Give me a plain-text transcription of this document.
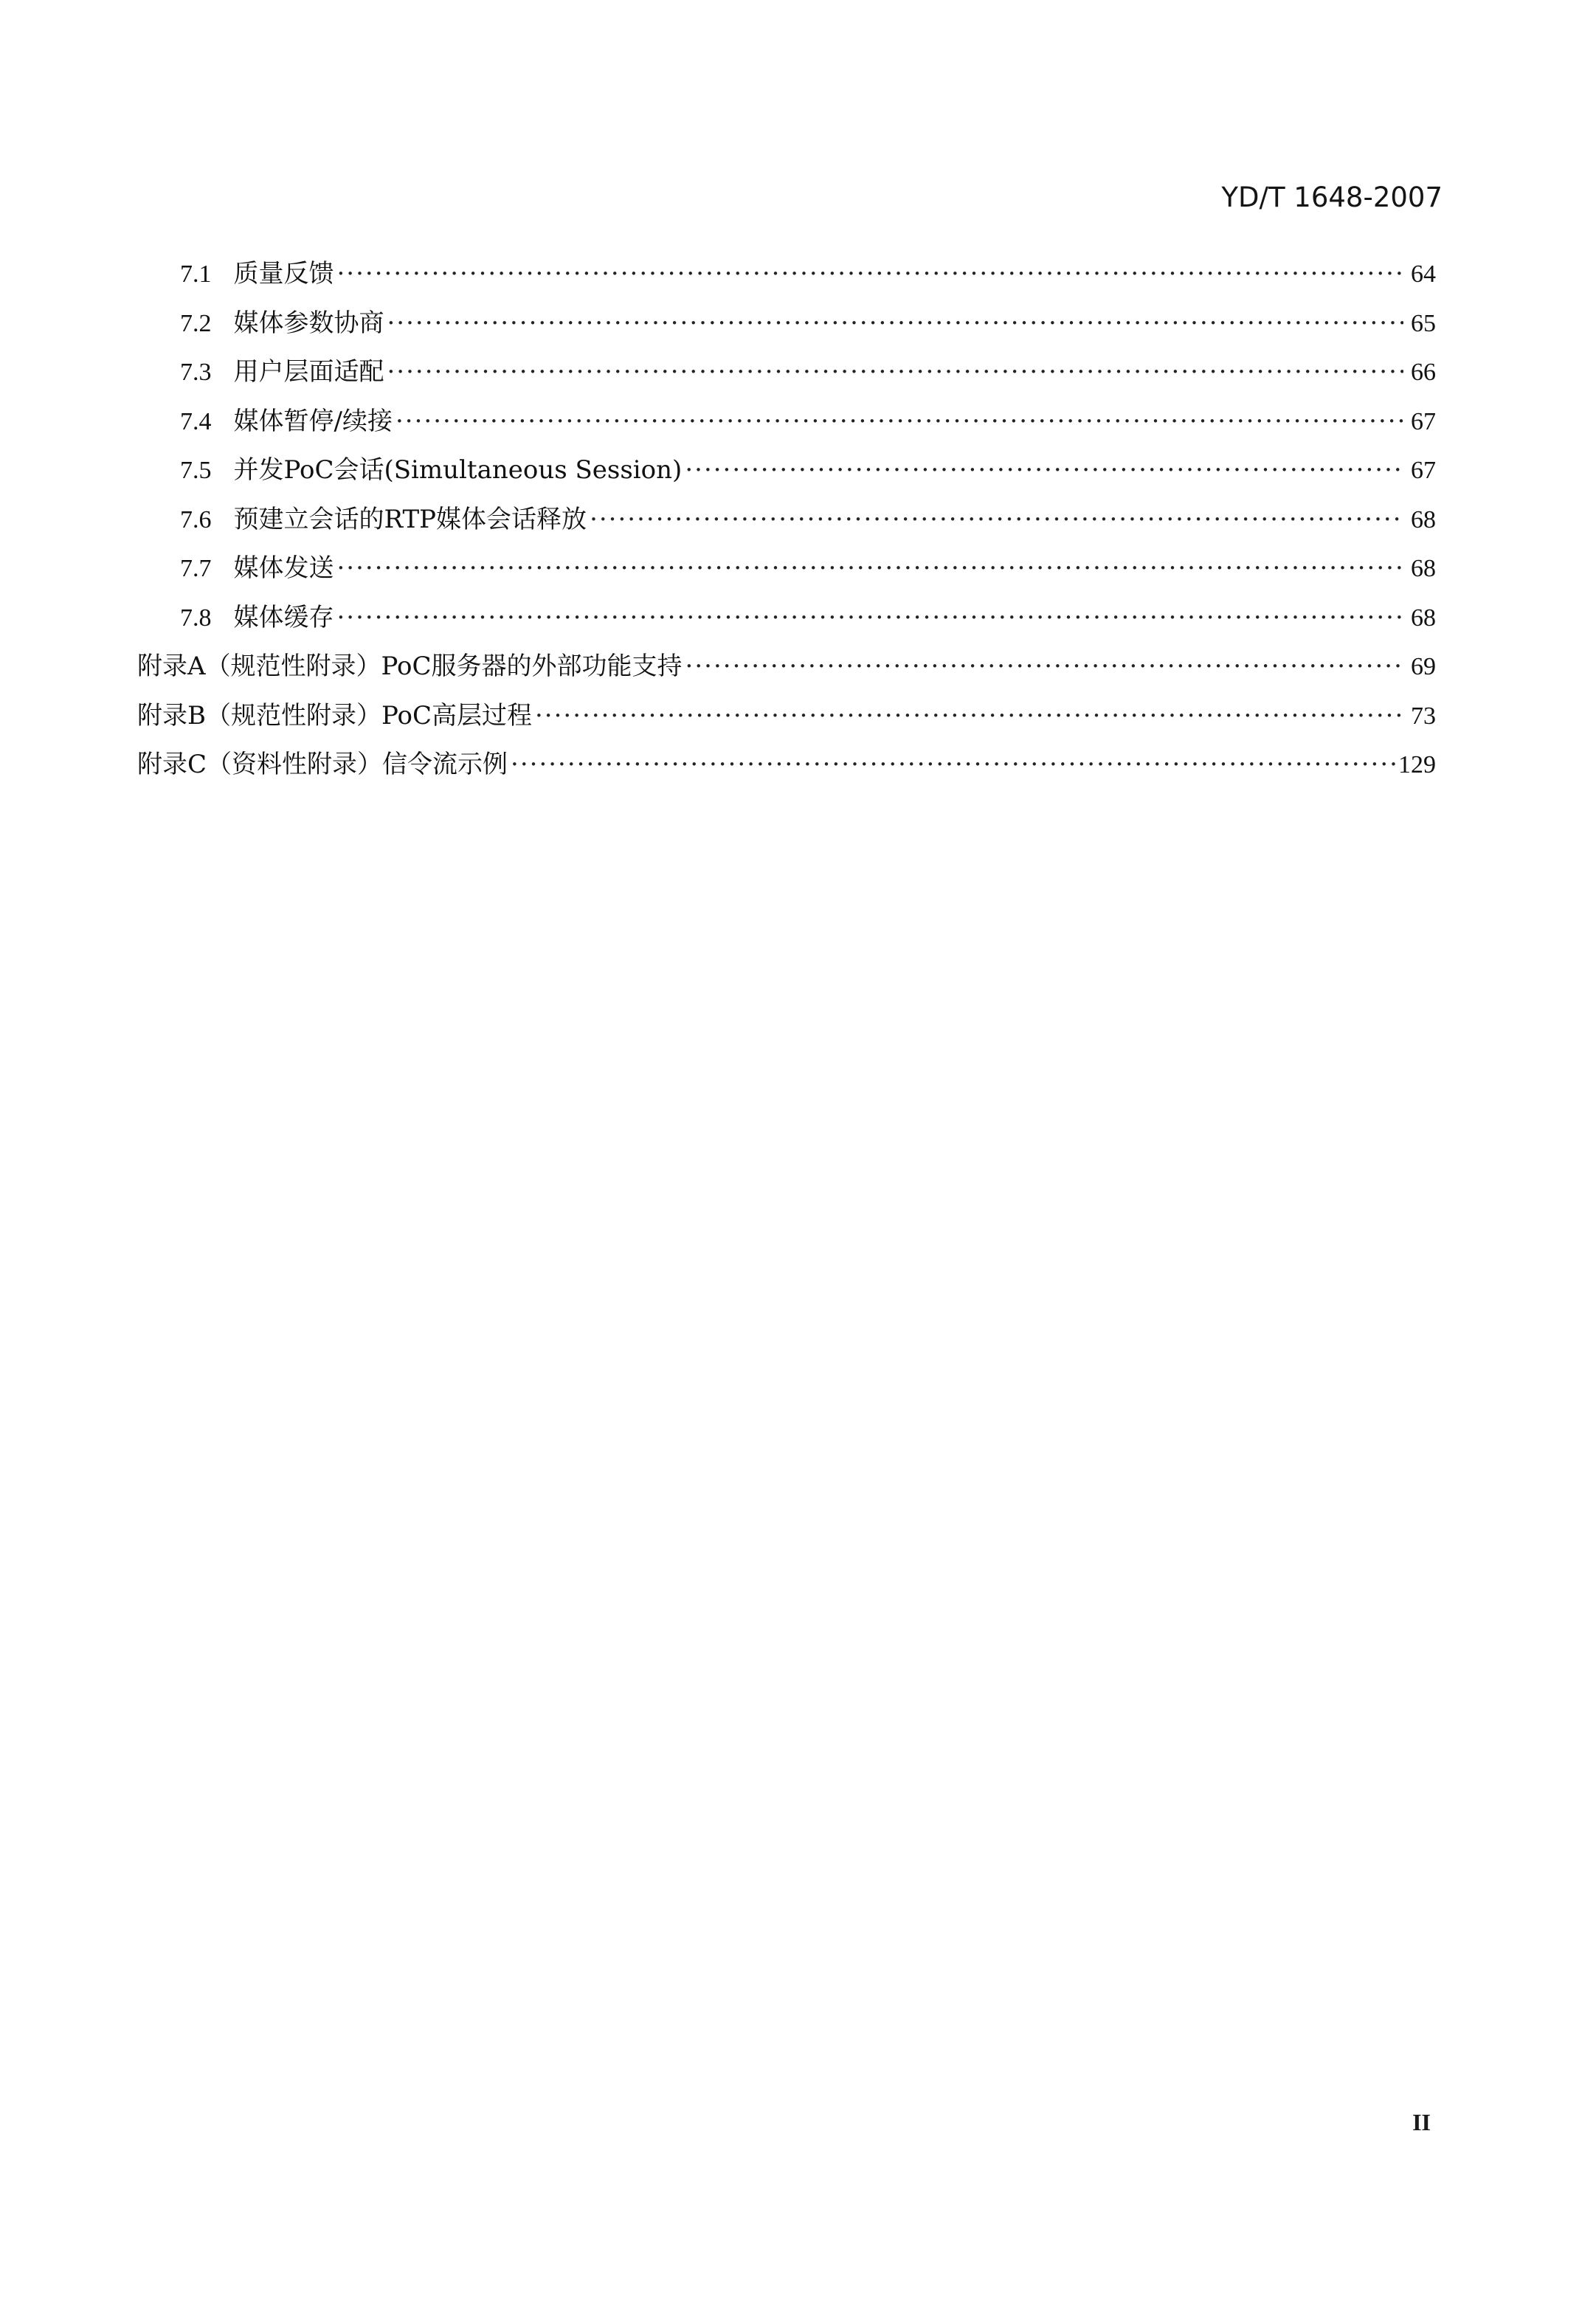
YD/T 1648-2007
7.1 质量反馈 ·····	64
7.2 媒体参数协商 ·····	65
7.3 用户层面适配 ·····	66
7.4 媒体暂停/续接 ·····	67
7.5 并发PoC会话(Simultaneous Session) ·····	67
7.6 预建立会话的RTP媒体会话释放 ·····	68
7.7 媒体发送 ·····	68
7.8 媒体缓存 ·····	68
附录A（规范性附录）PoC服务器的外部功能支持 ·····	69
附录B（规范性附录）PoC高层过程 ·····	73
附录C（资料性附录）信令流示例 ·····	129
II
